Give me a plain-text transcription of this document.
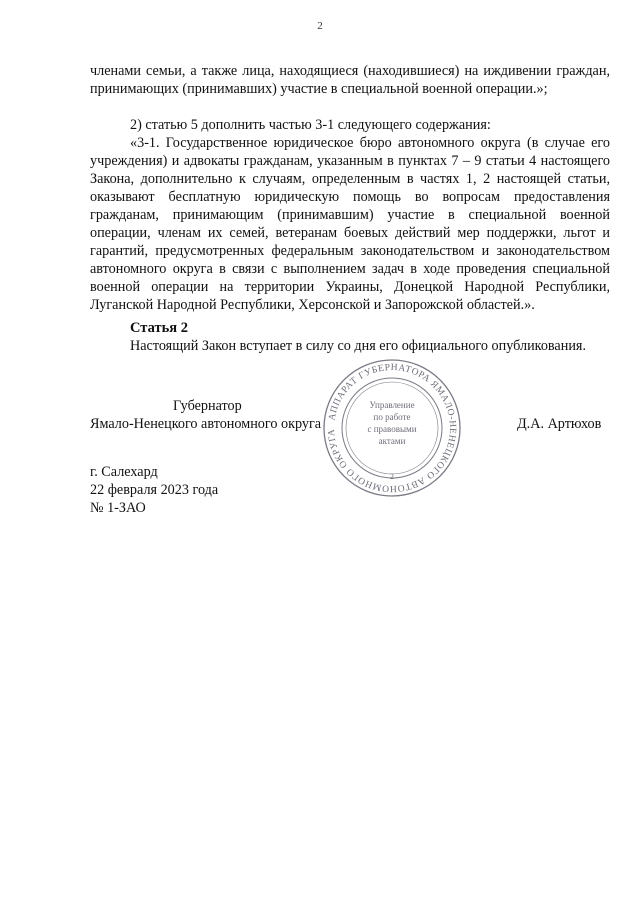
2

членами семьи, а также лица, находящиеся (находившиеся) на иждивении граждан, принимающих (принимавших) участие в специальной военной операции.»;

2) статью 5 дополнить частью 3-1 следующего содержания:

«3-1. Государственное юридическое бюро автономного округа (в случае его учреждения) и адвокаты гражданам, указанным в пунктах 7 – 9 статьи 4 настоящего Закона, дополнительно к случаям, определенным в частях 1, 2 настоящей статьи, оказывают бесплатную юридическую помощь во вопросам предоставления гражданам, принимающим (принимавшим) участие в специальной военной операции, членам их семей, ветеранам боевых действий мер поддержки, льгот и гарантий, предусмотренных федеральным законодательством и законодательством автономного округа в связи с выполнением задач в ходе проведения специальной военной операции на территории Украины, Донецкой Народной Республики, Луганской Народной Республики, Херсонской и Запорожской областей.».

Статья 2
Настоящий Закон вступает в силу со дня его официального опубликования.
Губернатор
Ямало-Ненецкого автономного округа	Д.А. Артюхов
АППАРАТ ГУБЕРНАТОРА ЯМАЛО-НЕНЕЦКОГО АВТОНОМНОГО ОКРУГА
Управление
по работе
с правовыми
актами
2
г. Салехард
22 февраля 2023 года
№ 1-ЗАО
